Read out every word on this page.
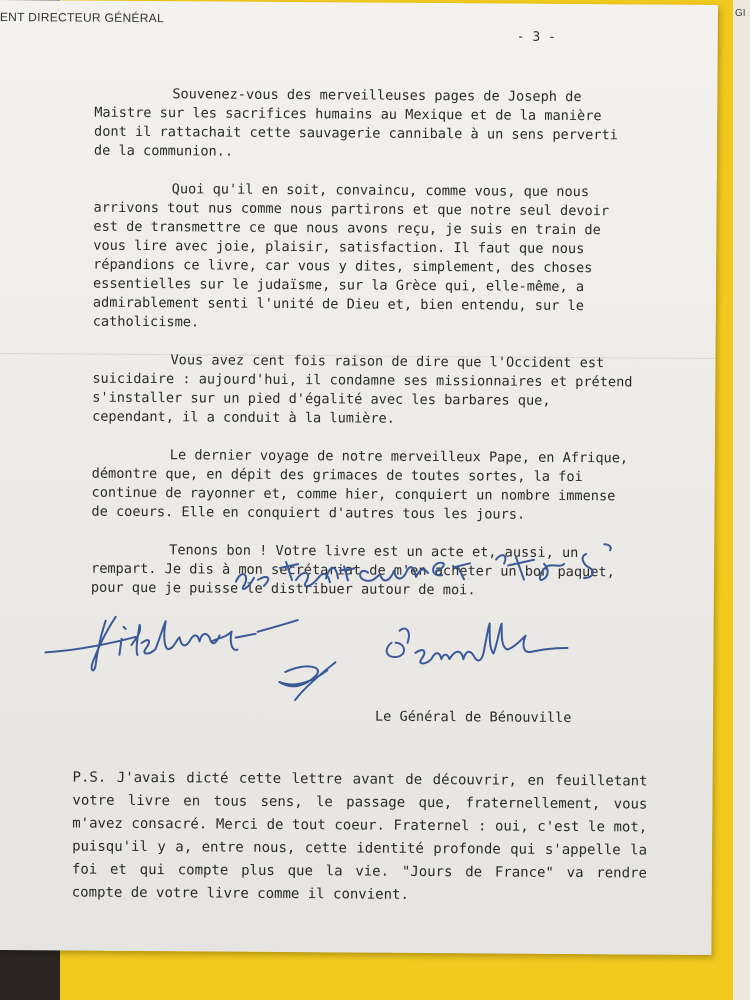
GI
ENT DIRECTEUR GÉNÉRAL
- 3 -

Souvenez-vous des merveilleuses pages de Joseph de Maistre sur les sacrifices humains au Mexique et de la manière dont il rattachait cette sauvagerie cannibale à un sens perverti de la communion..

Quoi qu'il en soit, convaincu, comme vous, que nous arrivons tout nus comme nous partirons et que notre seul devoir est de transmettre ce que nous avons reçu, je suis en train de vous lire avec joie, plaisir, satisfaction. Il faut que nous répandions ce livre, car vous y dites, simplement, des choses essentielles sur le judaïsme, sur la Grèce qui, elle-même, a admirablement senti l'unité de Dieu et, bien entendu, sur le catholicisme.

Vous avez cent fois raison de dire que l'Occident est suicidaire : aujourd'hui, il condamne ses missionnaires et prétend s'installer sur un pied d'égalité avec les barbares que, cependant, il a conduit à la lumière.

Le dernier voyage de notre merveilleux Pape, en Afrique, démontre que, en dépit des grimaces de toutes sortes, la foi continue de rayonner et, comme hier, conquiert un nombre immense de coeurs. Elle en conquiert d'autres tous les jours.

Tenons bon ! Votre livre est un acte et, aussi, un rempart. Je dis à mon secrétariat de m'en acheter un bon paquet, pour que je puisse le distribuer autour de moi.

Le Général de Bénouville

P.S. J'avais dicté cette lettre avant de découvrir, en feuilletant votre livre en tous sens, le passage que, fraternellement, vous m'avez consacré. Merci de tout coeur. Fraternel : oui, c'est le mot, puisqu'il y a, entre nous, cette identité profonde qui s'appelle la foi et qui compte plus que la vie. "Jours de France" va rendre compte de votre livre comme il convient.
